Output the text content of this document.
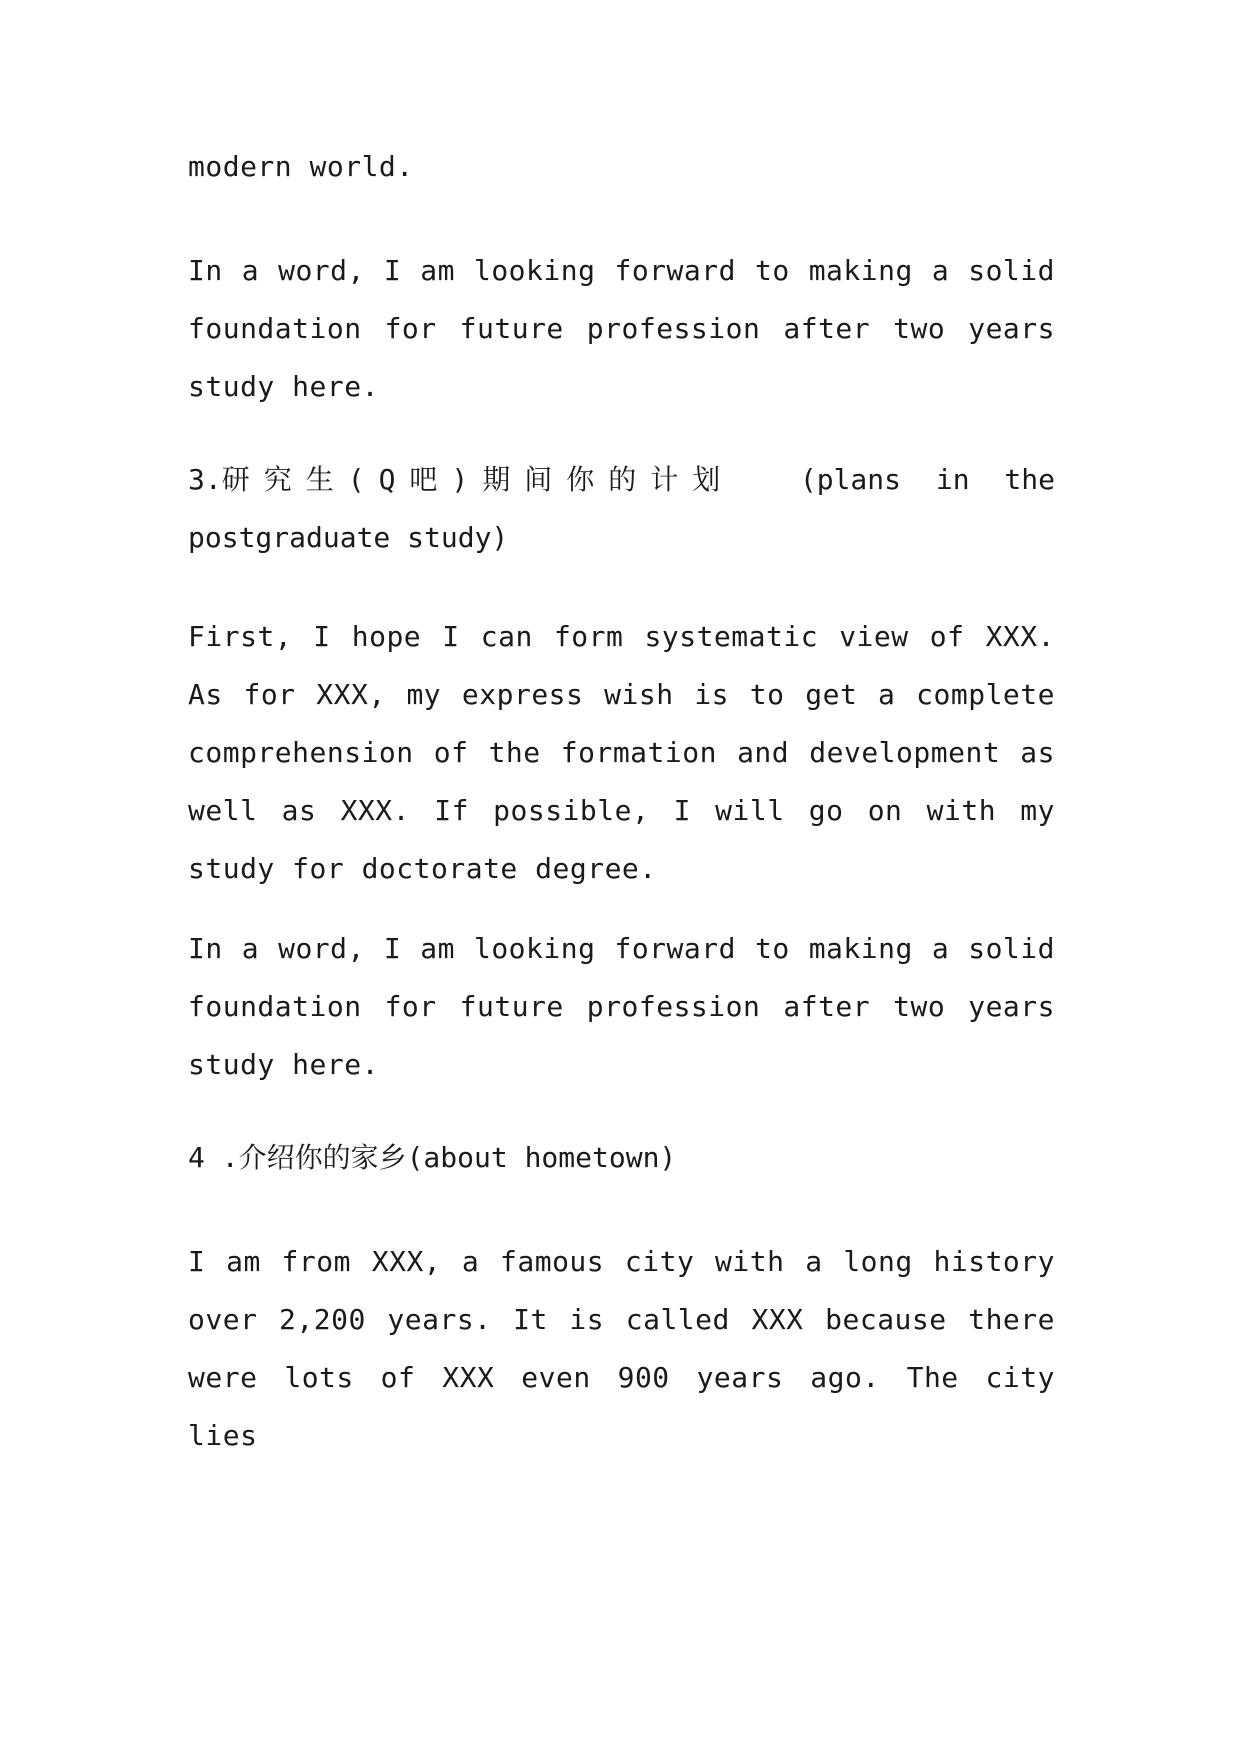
modern world.

In a word, I am looking forward to making a solid foundation for future profession after two years study here.

3.研究生(Q吧)期间你的计划 (plans in the
postgraduate study)

First, I hope I can form systematic view of XXX. As for XXX, my express wish is to get a complete comprehension of the formation and development as well as XXX. If possible, I will go on with my study for doctorate degree.

In a word, I am looking forward to making a solid foundation for future profession after two years study here.

4 .介绍你的家乡(about hometown)

I am from XXX, a famous city with a long history over 2,200 years. It is called XXX because there were lots of XXX even 900 years ago. The city lies
